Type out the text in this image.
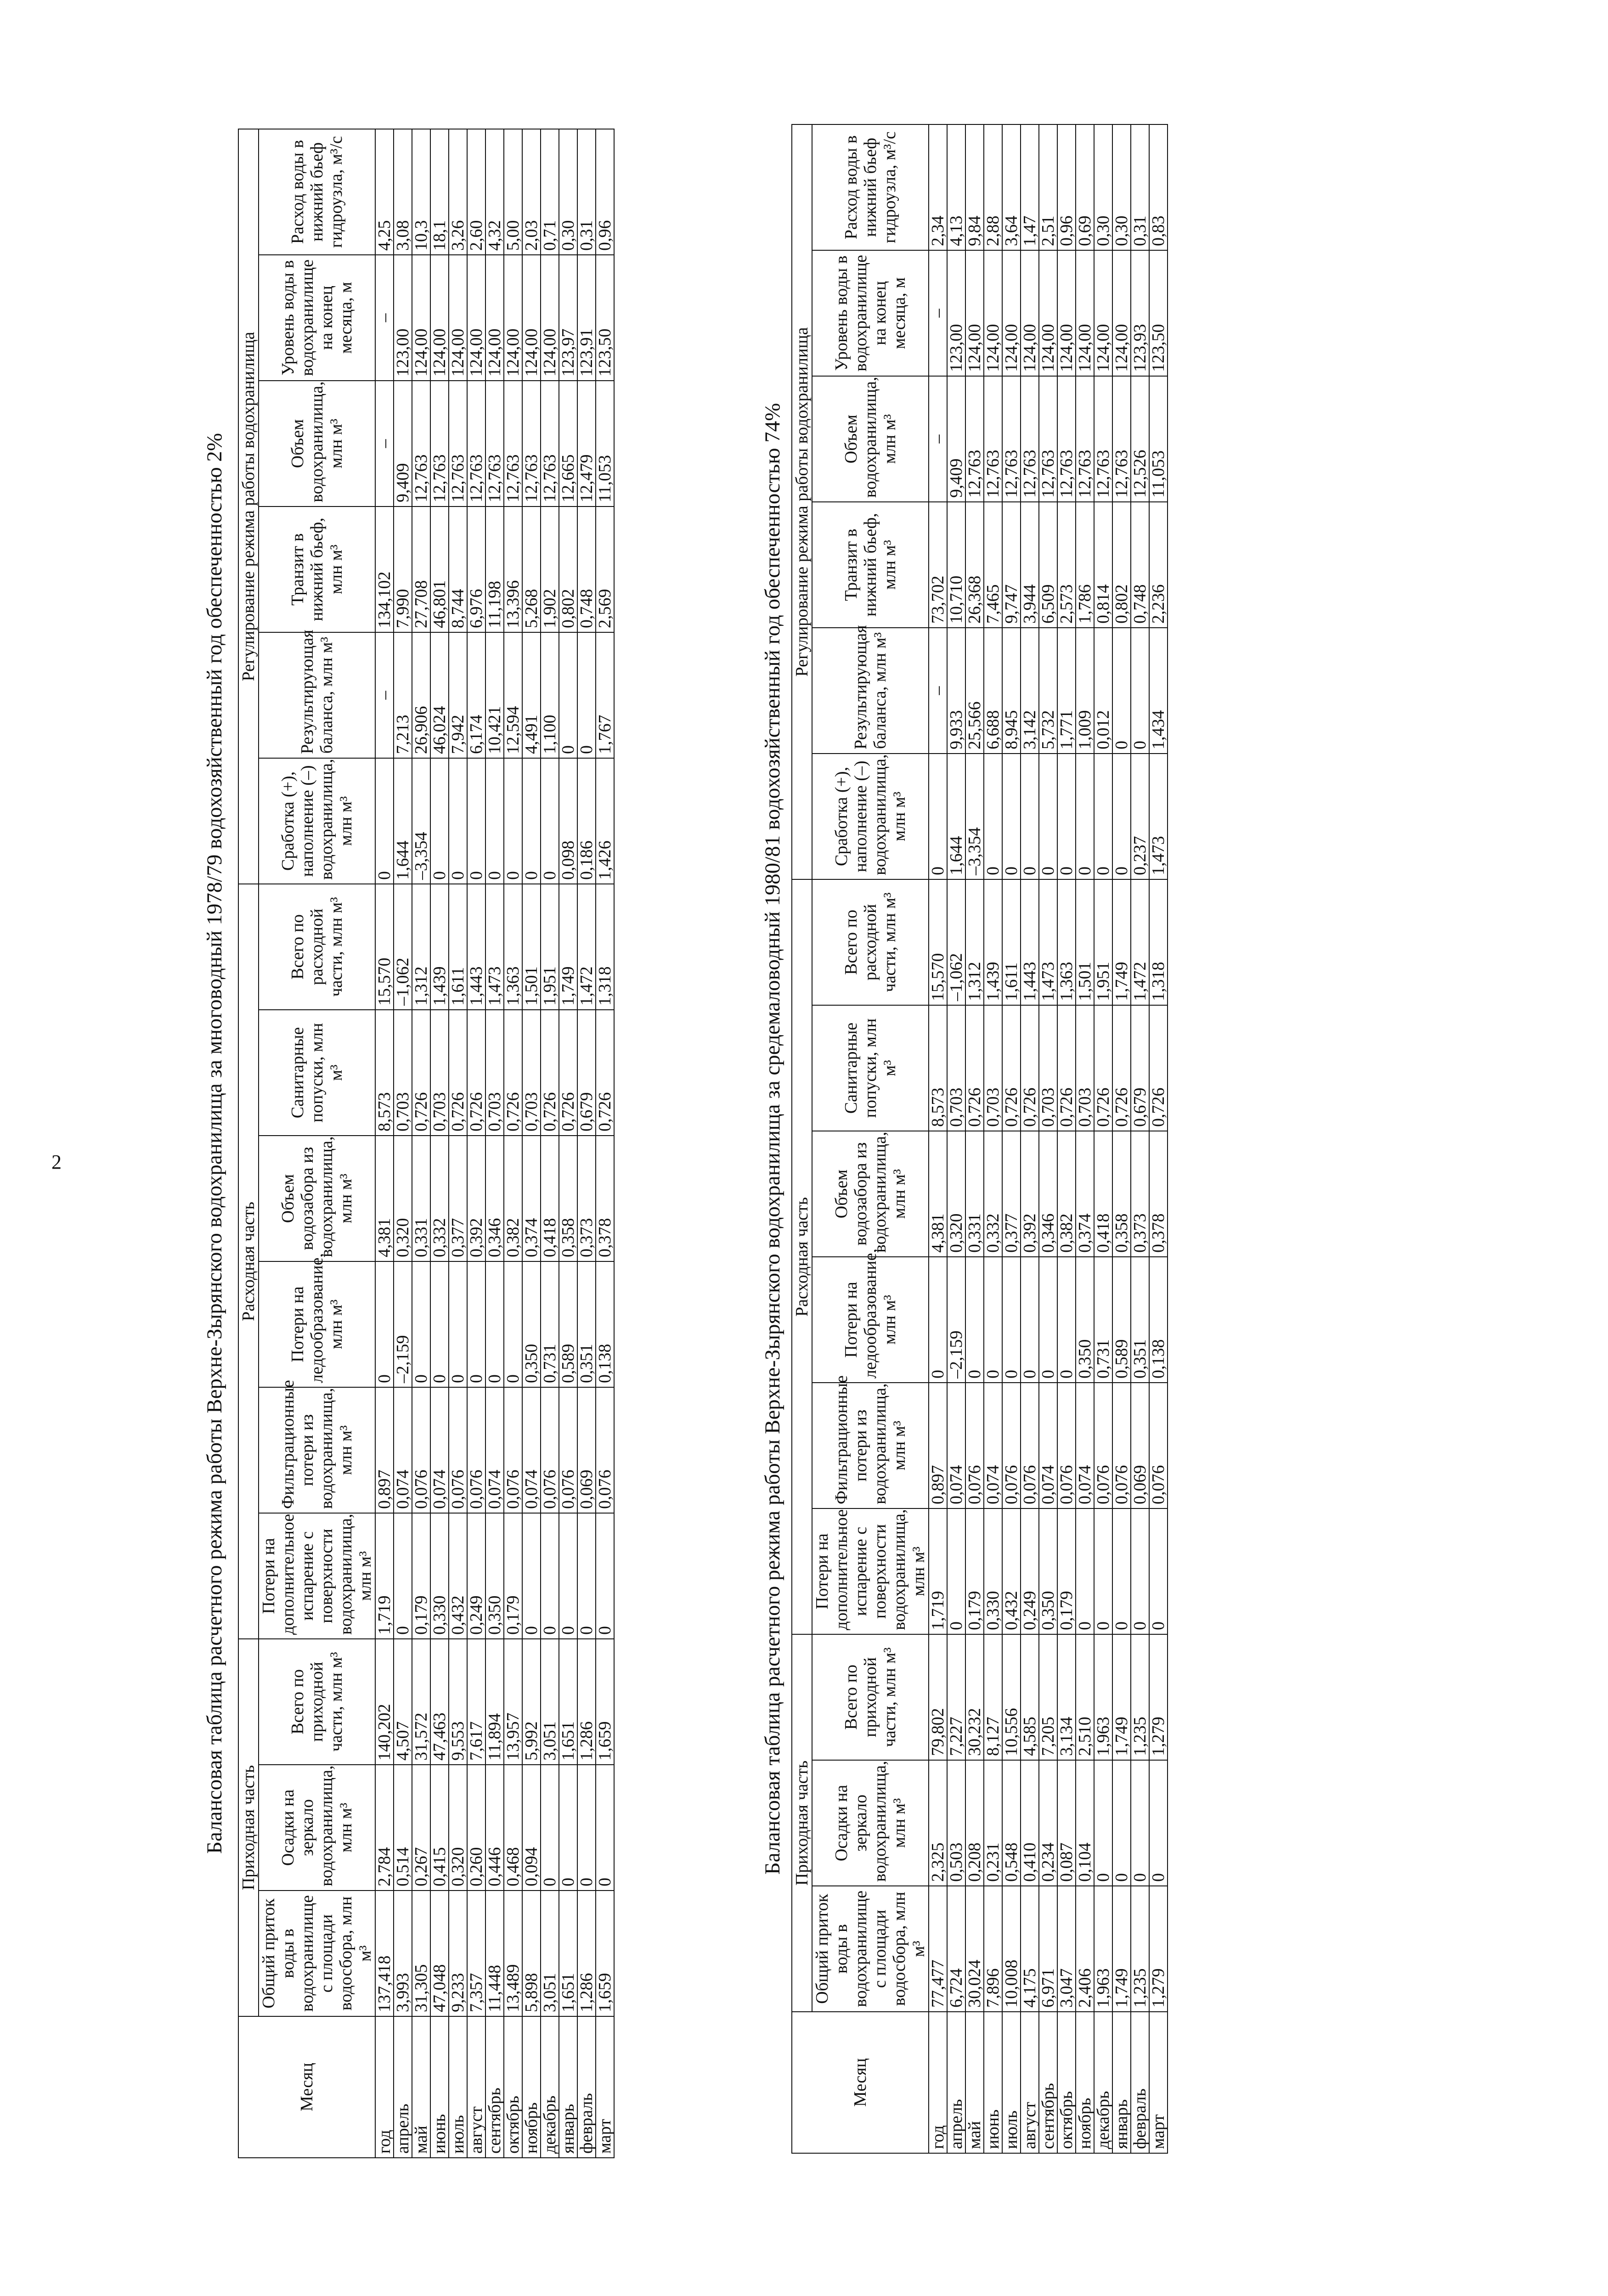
2	Балансовая таблица расчетного режима работы Верхне-Зырянского водохранилища за многоводный 1978/79 водохозяйственный год обеспеченностью 2%
Месяц	Приходная часть			Расходная часть						Регулирование режима работы водохранилища					
	Общий приток воды в водохранилище с площади водосбора, млн м³	Осадки на зеркало водохранилища, млн м³	Всего по приходной части, млн м³	Потери на дополнительное испарение с поверхности водохранилища, млн м³	Фильтрационные потери из водохранилища, млн м³	Потери на ледообразование, млн м³	Объем водозабора из водохранилища, млн м³	Санитарные попуски, млн м³	Всего по расходной части, млн м³	Сработка (+), наполнение (–) водохранилища, млн м³	Результирующая баланса, млн м³	Транзит в нижний бьеф, млн м³	Объем водохранилища, млн м³	Уровень воды в водохранилище на конец месяца, м	Расход воды в нижний бьеф гидроузла, м³/с
год	137,418	2,784	140,202	1,719	0,897	0	4,381	8,573	15,570	0	–	134,102	–	–	4,25
апрель	3,993	0,514	4,507	0	0,074	–2,159	0,320	0,703	–1,062	1,644	7,213	7,990	9,409	123,00	3,08
май	31,305	0,267	31,572	0,179	0,076	0	0,331	0,726	1,312	–3,354	26,906	27,708	12,763	124,00	10,3
июнь	47,048	0,415	47,463	0,330	0,074	0	0,332	0,703	1,439	0	46,024	46,801	12,763	124,00	18,1
июль	9,233	0,320	9,553	0,432	0,076	0	0,377	0,726	1,611	0	7,942	8,744	12,763	124,00	3,26
август	7,357	0,260	7,617	0,249	0,076	0	0,392	0,726	1,443	0	6,174	6,976	12,763	124,00	2,60
сентябрь	11,448	0,446	11,894	0,350	0,074	0	0,346	0,703	1,473	0	10,421	11,198	12,763	124,00	4,32
октябрь	13,489	0,468	13,957	0,179	0,076	0	0,382	0,726	1,363	0	12,594	13,396	12,763	124,00	5,00
ноябрь	5,898	0,094	5,992	0	0,074	0,350	0,374	0,703	1,501	0	4,491	5,268	12,763	124,00	2,03
декабрь	3,051	0	3,051	0	0,076	0,731	0,418	0,726	1,951	0	1,100	1,902	12,763	124,00	0,71
январь	1,651	0	1,651	0	0,076	0,589	0,358	0,726	1,749	0,098	0	0,802	12,665	123,97	0,30
февраль	1,286	0	1,286	0	0,069	0,351	0,373	0,679	1,472	0,186	0	0,748	12,479	123,91	0,31
март	1,659	0	1,659	0	0,076	0,138	0,378	0,726	1,318	1,426	1,767	2,569	11,053	123,50	0,96
Балансовая таблица расчетного режима работы Верхне-Зырянского водохранилища за средемаловодный 1980/81 водохозяйственный год обеспеченностью 74%
Месяц	Приходная часть			Расходная часть						Регулирование режима работы водохранилища					
	Общий приток воды в водохранилище с площади водосбора, млн м³	Осадки на зеркало водохранилища, млн м³	Всего по приходной части, млн м³	Потери на дополнительное испарение с поверхности водохранилища, млн м³	Фильтрационные потери из водохранилища, млн м³	Потери на ледообразование, млн м³	Объем водозабора из водохранилища, млн м³	Санитарные попуски, млн м³	Всего по расходной части, млн м³	Сработка (+), наполнение (–) водохранилища, млн м³	Результирующая баланса, млн м³	Транзит в нижний бьеф, млн м³	Объем водохранилища, млн м³	Уровень воды в водохранилище на конец месяца, м	Расход воды в нижний бьеф гидроузла, м³/с
год	77,477	2,325	79,802	1,719	0,897	0	4,381	8,573	15,570	0	–	73,702	–	–	2,34
апрель	6,724	0,503	7,227	0	0,074	–2,159	0,320	0,703	–1,062	1,644	9,933	10,710	9,409	123,00	4,13
май	30,024	0,208	30,232	0,179	0,076	0	0,331	0,726	1,312	–3,354	25,566	26,368	12,763	124,00	9,84
июнь	7,896	0,231	8,127	0,330	0,074	0	0,332	0,703	1,439	0	6,688	7,465	12,763	124,00	2,88
июль	10,008	0,548	10,556	0,432	0,076	0	0,377	0,726	1,611	0	8,945	9,747	12,763	124,00	3,64
август	4,175	0,410	4,585	0,249	0,076	0	0,392	0,726	1,443	0	3,142	3,944	12,763	124,00	1,47
сентябрь	6,971	0,234	7,205	0,350	0,074	0	0,346	0,703	1,473	0	5,732	6,509	12,763	124,00	2,51
октябрь	3,047	0,087	3,134	0,179	0,076	0	0,382	0,726	1,363	0	1,771	2,573	12,763	124,00	0,96
ноябрь	2,406	0,104	2,510	0	0,074	0,350	0,374	0,703	1,501	0	1,009	1,786	12,763	124,00	0,69
декабрь	1,963	0	1,963	0	0,076	0,731	0,418	0,726	1,951	0	0,012	0,814	12,763	124,00	0,30
январь	1,749	0	1,749	0	0,076	0,589	0,358	0,726	1,749	0	0	0,802	12,763	124,00	0,30
февраль	1,235	0	1,235	0	0,069	0,351	0,373	0,679	1,472	0,237	0	0,748	12,526	123,93	0,31
март	1,279	0	1,279	0	0,076	0,138	0,378	0,726	1,318	1,473	1,434	2,236	11,053	123,50	0,83
